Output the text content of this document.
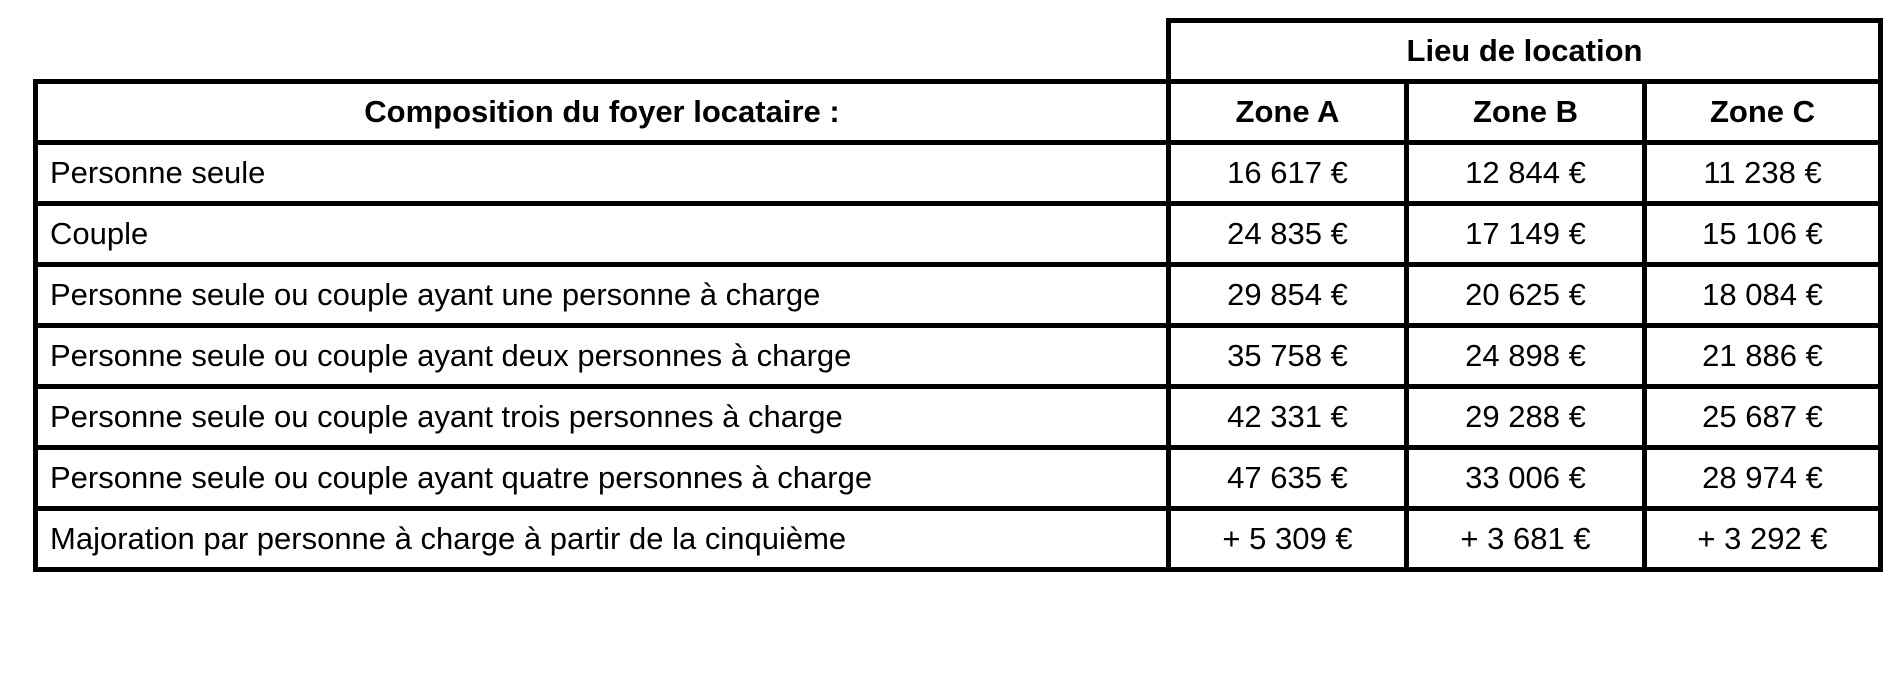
	Lieu de location		
Composition du foyer locataire :	Zone A	Zone B	Zone C
Personne seule	16 617 €	12 844 €	11 238 €
Couple	24 835 €	17 149 €	15 106 €
Personne seule ou couple ayant une personne à charge	29 854 €	20 625 €	18 084 €
Personne seule ou couple ayant deux personnes à charge	35 758 €	24 898 €	21 886 €
Personne seule ou couple ayant trois personnes à charge	42 331 €	29 288 €	25 687 €
Personne seule ou couple ayant quatre personnes à charge	47 635 €	33 006 €	28 974 €
Majoration par personne à charge à partir de la cinquième	+ 5 309 €	+ 3 681 €	+ 3 292 €
